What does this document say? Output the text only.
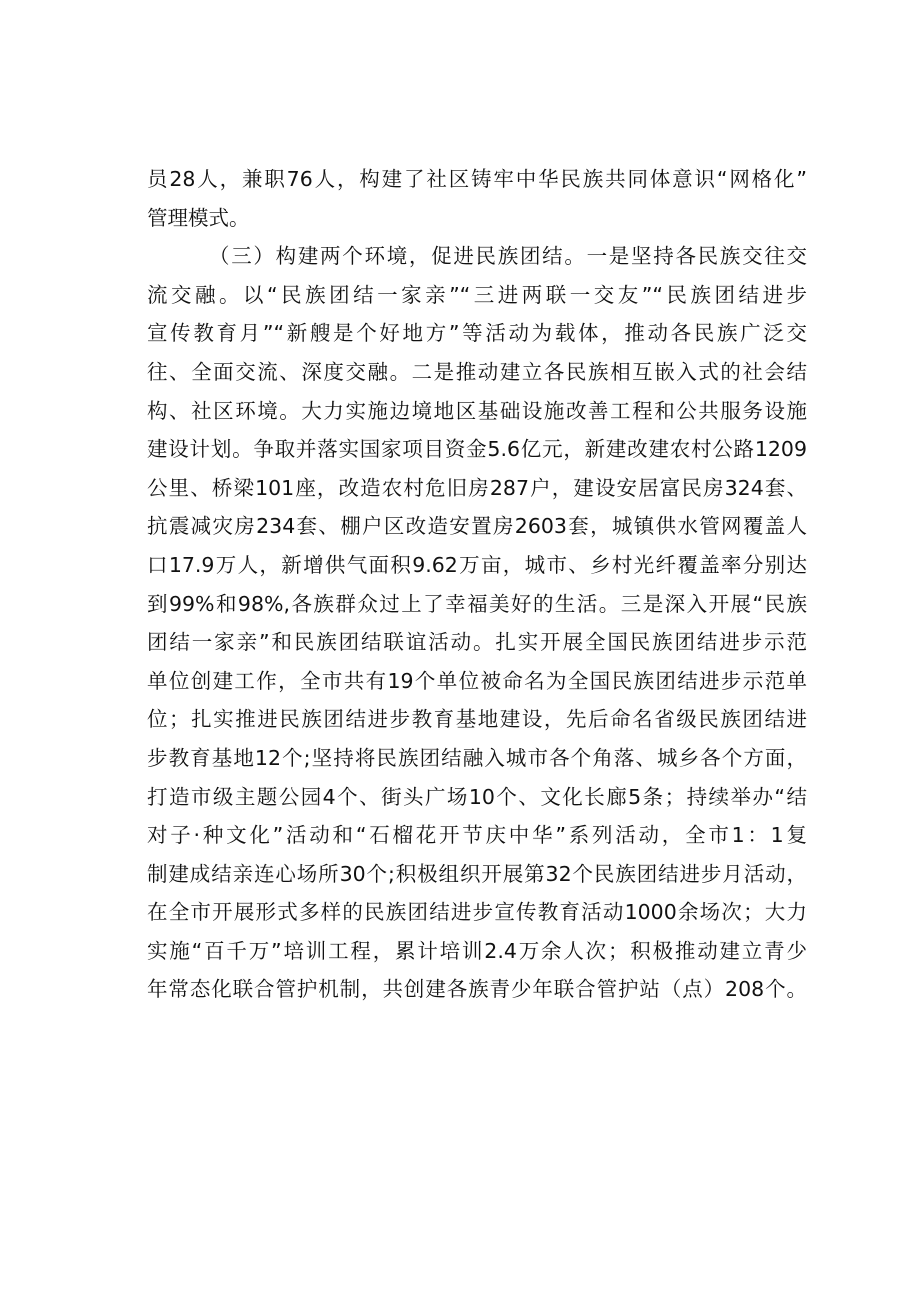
员28人，兼职76人，构建了社区铸牢中华民族共同体意识“网格化”
管理模式。
（三）构建两个环境，促进民族团结。一是坚持各民族交往交
流交融。以“民族团结一家亲”“三进两联一交友”“民族团结进步
宣传教育月”“新艘是个好地方”等活动为载体，推动各民族广泛交
往、全面交流、深度交融。二是推动建立各民族相互嵌入式的社会结
构、社区环境。大力实施边境地区基础设施改善工程和公共服务设施
建设计划。争取并落实国家项目资金5.6亿元，新建改建农村公路1209
公里、桥梁101座，改造农村危旧房287户，建设安居富民房324套、
抗震减灾房234套、棚户区改造安置房2603套，城镇供水管网覆盖人
口17.9万人，新增供气面积9.62万亩，城市、乡村光纤覆盖率分别达
到99%和98%,各族群众过上了幸福美好的生活。三是深入开展“民族
团结一家亲”和民族团结联谊活动。扎实开展全国民族团结进步示范
单位创建工作，全市共有19个单位被命名为全国民族团结进步示范单
位；扎实推进民族团结进步教育基地建设，先后命名省级民族团结进
步教育基地12个;坚持将民族团结融入城市各个角落、城乡各个方面，
打造市级主题公园4个、街头广场10个、文化长廊5条；持续举办“结
对子·种文化”活动和“石榴花开节庆中华”系列活动，全市1：1复
制建成结亲连心场所30个;积极组织开展第32个民族团结进步月活动，
在全市开展形式多样的民族团结进步宣传教育活动1000余场次；大力
实施“百千万”培训工程，累计培训2.4万余人次；积极推动建立青少
年常态化联合管护机制，共创建各族青少年联合管护站（点）208个。
